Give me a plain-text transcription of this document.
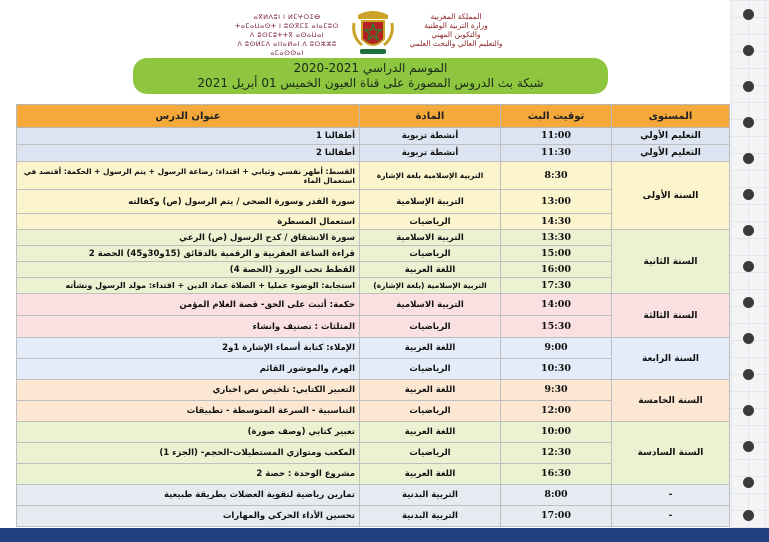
المملكة المغربية
وزارة التربية الوطنية
والتكوين المهني
والتعليم العالي والبحث العلمي
ⴰⴳⵍⴷⵓⵏ ⵏ ⵍⵎⵖⵔⵉⴱ
ⵜⴰⵎⴰⵡⴰⵙⵜ ⵏ ⵓⵙⴳⵎⵉ ⴰⵏⴰⵎⵓⵔ
ⴷ ⵓⵙⵎⵓⵜⵜⴳ ⴰⵙⴰⵡⴰⵏ
ⴷ ⵓⵙⵍⵎⴷ ⴰⵏⵏⴰⵍⴰⵏ ⴷ ⵓⵔⵣⵣⵓ ⴰⵎⴰⵙⵙⴰⵏ
الموسم الدراسي 2021-2020
شبكة بث الدروس المصورة على قناة العيون الخميس 01 أبريل 2021
المستوى	توقيت البث	المادة	عنوان الدرس
التعليم الأولي	11:00	أنشطة تربوية	أطفالنا 1
التعليم الأولي	11:30	أنشطة تربوية	أطفالنا 2
السنة الأولى	8:30	التربية الإسلامية بلغة الإشارة	القسط: أطهر نفسي وثيابي + اقتداء: رضاعة الرسول + يتم الرسول + الحكمة: أقتصد في استعمال الماء
	13:00	التربية الإسلامية	سورة القدر وسورة الضحى / يتم الرسول (ص) وكفالته
	14:30	الرياضيات	استعمال المسطرة
السنة الثانية	13:30	التربية الاسلامية	سورة الانشقاق / كدح الرسول (ص) الرعي
	15:00	الرياضيات	قراءة الساعة العقربية و الرقمية بالدقائق (15و30و45) الحصة 2
	16:00	اللغة العربية	القطط تحب الورود (الحصة 4)
	17:30	التربية الإسلامية (بلغة الإشارة)	استجابة: الوضوء عمليا + الصلاة عماد الدين + اقتداء: مولد الرسول ونشأته
السنة الثالثة	14:00	التربية الاسلامية	حكمة: أثبت على الحق- قصة الغلام المؤمن
	15:30	الرياضيات	المثلثات : تصنيف وانشاء
السنة الرابعة	9:00	اللغة العربية	الإملاء: كتابة أسماء الإشارة 1و2
	10:30	الرياضيات	الهرم والموشور القائم
السنة الخامسة	9:30	اللغة العربية	التعبير الكتابي: تلخيص نص اخباري
	12:00	الرياضيات	التناسبية - السرعة المتوسطة - تطبيقات
السنة السادسة	10:00	اللغة العربية	تعبير كتابي (وصف صورة)
	12:30	الرياضيات	المكعب ومتوازي المستطيلات-الحجم- (الجزء 1)
	16:30	اللغة العربية	مشروع الوحدة : حصة 2
-	8:00	التربية البدنية	تمارين رياضية لتقوية العضلات بطريقة طبيعية
-	17:00	التربية البدنية	تحسين الأداء الحركي والمهارات
